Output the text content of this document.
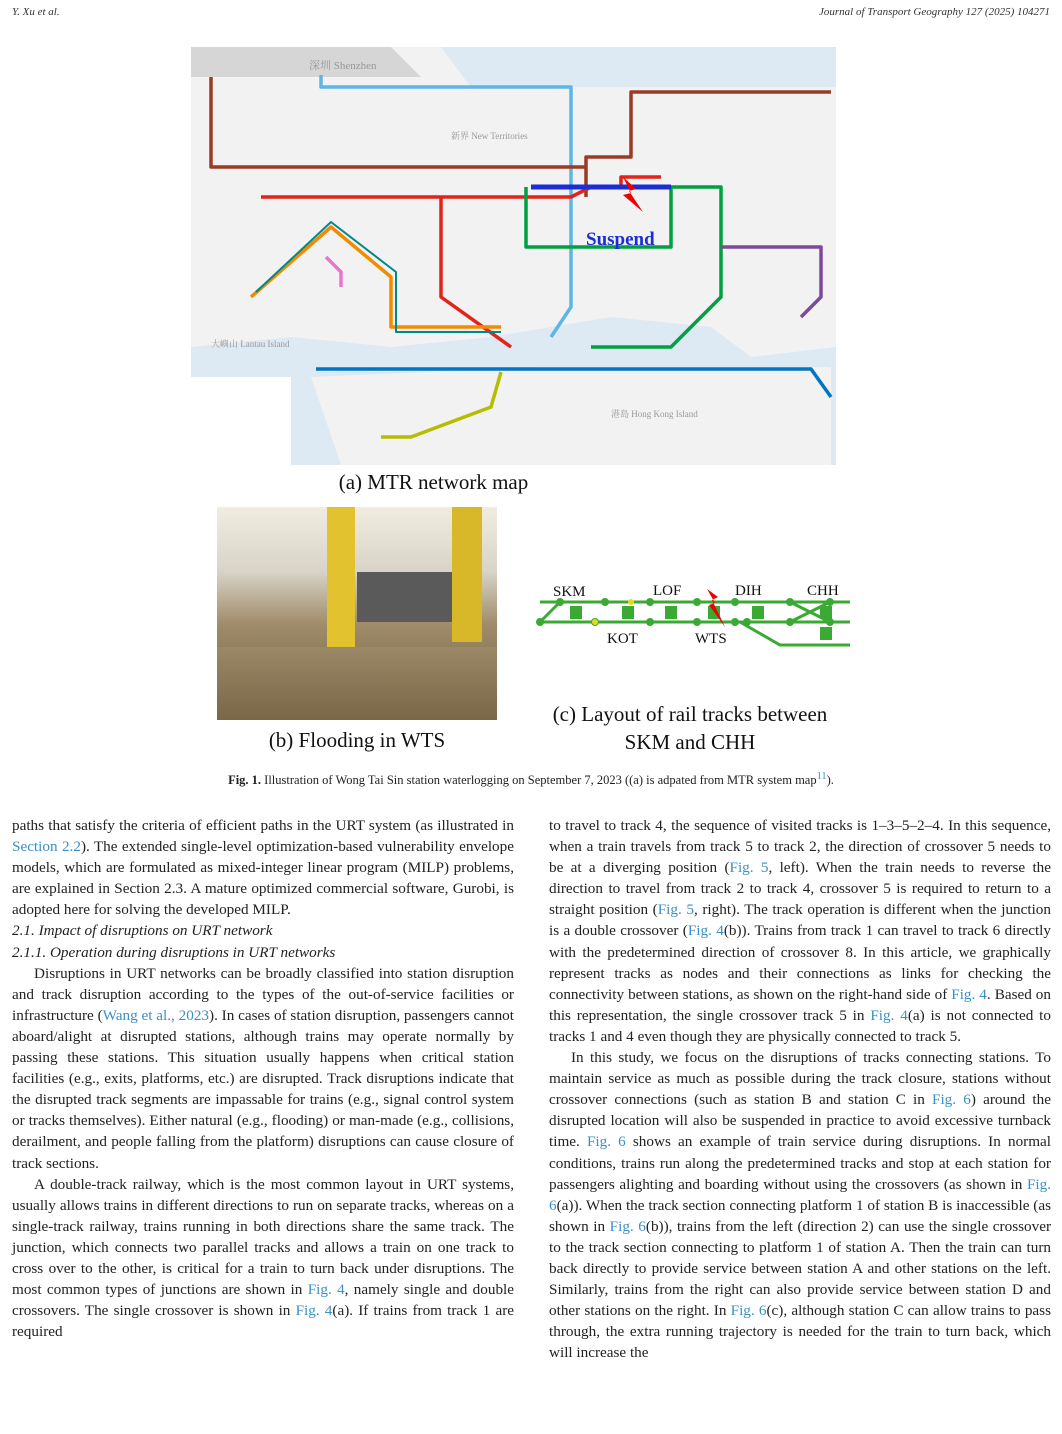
Y. Xu et al.	Journal of Transport Geography 127 (2025) 104271
深圳 Shenzhen
新界 New Territories
大嶼山 Lantau Island
港島 Hong Kong Island
Suspend
(a) MTR network map
(b) Flooding in WTS
SKM	LOF	DIH	CHH
KOT	WTS
(c) Layout of rail tracks between
SKM and CHH
Fig. 1. Illustration of Wong Tai Sin station waterlogging on September 7, 2023 ((a) is adpated from MTR system map$^{11}$).

paths that satisfy the criteria of efficient paths in the URT system (as illustrated in Section 2.2). The extended single-level optimization-based vulnerability envelope models, which are formulated as mixed-integer linear program (MILP) problems, are explained in Section 2.3. A mature optimized commercial software, Gurobi, is adopted here for solving the developed MILP.

2.1. Impact of disruptions on URT network

2.1.1. Operation during disruptions in URT networks

Disruptions in URT networks can be broadly classified into station disruption and track disruption according to the types of the out-of-service facilities or infrastructure (Wang et al., 2023). In cases of station disruption, passengers cannot aboard/alight at disrupted stations, although trains may operate normally by passing these stations. This situation usually happens when critical station facilities (e.g., exits, platforms, etc.) are disrupted. Track disruptions indicate that the disrupted track segments are impassable for trains (e.g., signal control system or tracks themselves). Either natural (e.g., flooding) or man-made (e.g., collisions, derailment, and people falling from the platform) disruptions can cause closure of track sections.

A double-track railway, which is the most common layout in URT systems, usually allows trains in different directions to run on separate tracks, whereas on a single-track railway, trains running in both directions share the same track. The junction, which connects two parallel tracks and allows a train on one track to cross over to the other, is critical for a train to turn back under disruptions. The most common types of junctions are shown in Fig. 4, namely single and double crossovers. The single crossover is shown in Fig. 4(a). If trains from track 1 are required

to travel to track 4, the sequence of visited tracks is 1–3–5–2–4. In this sequence, when a train travels from track 5 to track 2, the direction of crossover 5 needs to be at a diverging position (Fig. 5, left). When the train needs to reverse the direction to travel from track 2 to track 4, crossover 5 is required to return to a straight position (Fig. 5, right). The track operation is different when the junction is a double crossover (Fig. 4(b)). Trains from track 1 can travel to track 6 directly with the predetermined direction of crossover 8. In this article, we graphically represent tracks as nodes and their connections as links for checking the connectivity between stations, as shown on the right-hand side of Fig. 4. Based on this representation, the single crossover track 5 in Fig. 4(a) is not connected to tracks 1 and 4 even though they are physically connected to track 5.

In this study, we focus on the disruptions of tracks connecting stations. To maintain service as much as possible during the track closure, stations without crossover connections (such as station B and station C in Fig. 6) around the disrupted location will also be suspended in practice to avoid excessive turnback time. Fig. 6 shows an example of train service during disruptions. In normal conditions, trains run along the predetermined tracks and stop at each station for passengers alighting and boarding without using the crossovers (as shown in Fig. 6(a)). When the track section connecting platform 1 of station B is inaccessible (as shown in Fig. 6(b)), trains from the left (direction 2) can use the single crossover to the track section connecting to platform 1 of station A. Then the train can turn back directly to provide service between station A and other stations on the left. Similarly, trains from the right can also provide service between station D and other stations on the right. In Fig. 6(c), although station C can allow trains to pass through, the extra running trajectory is needed for the train to turn back, which will increase the
